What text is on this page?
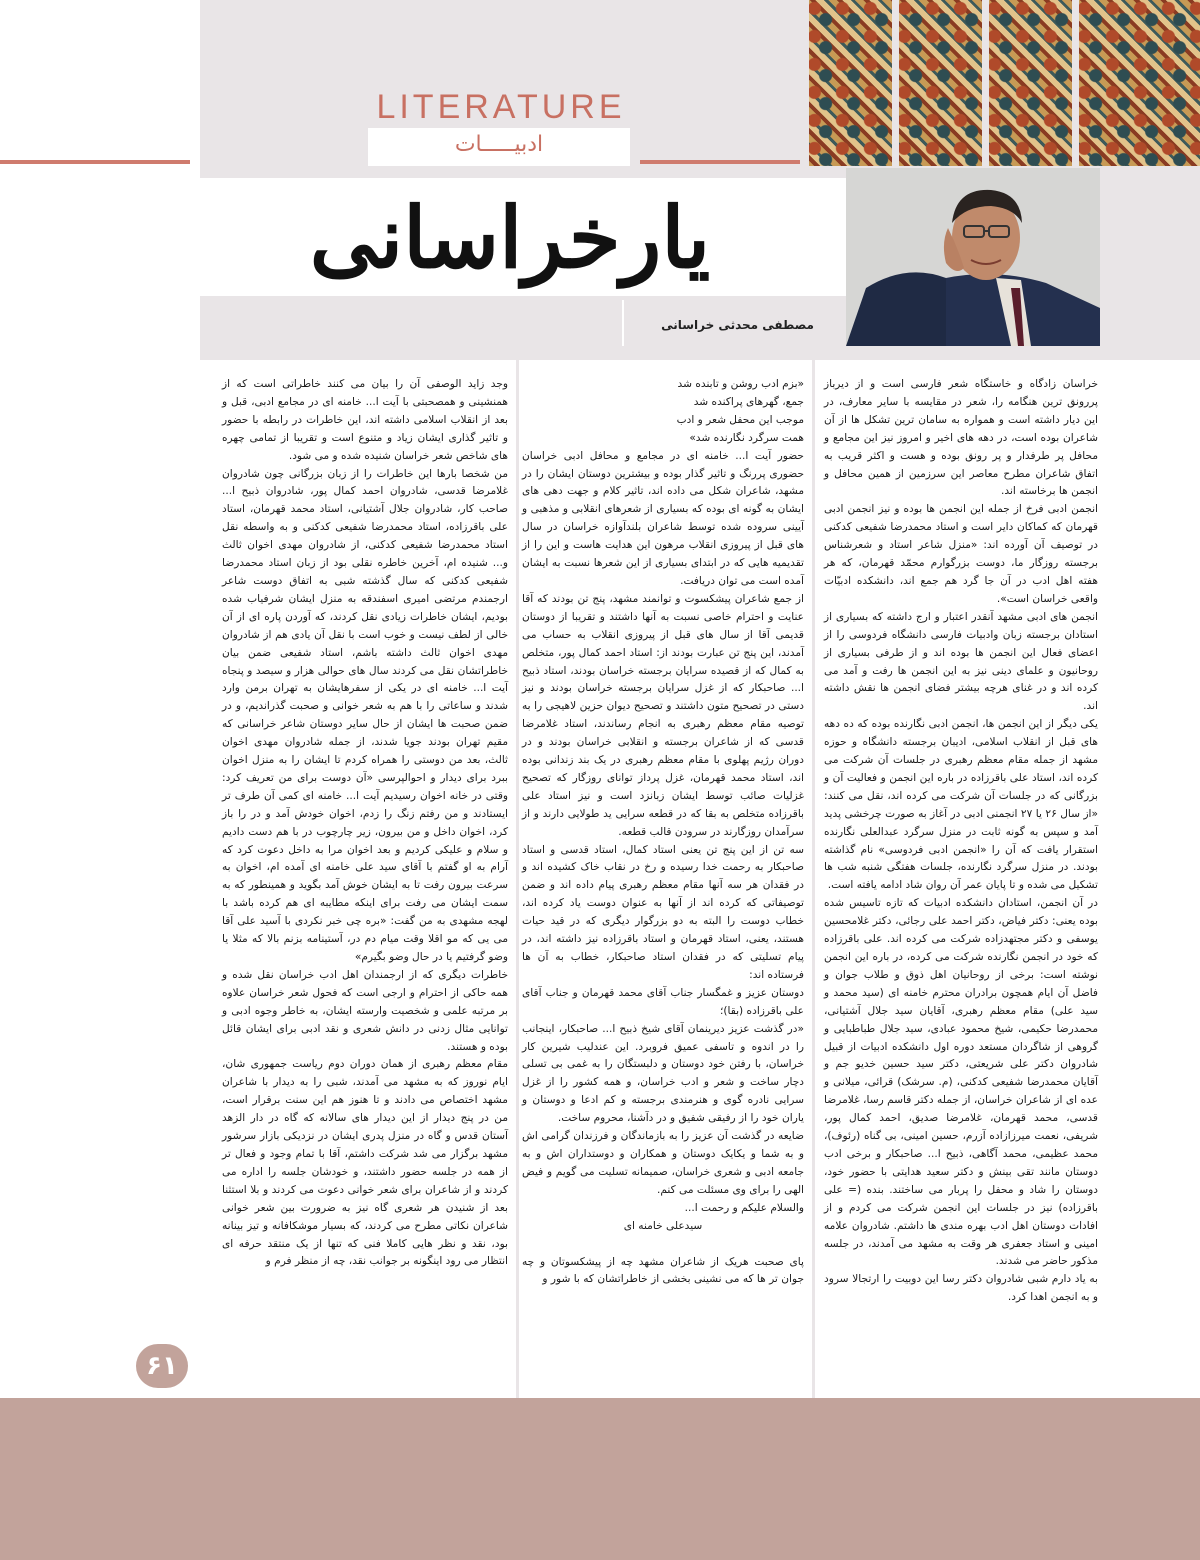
LITERATURE
ادبیـــــات
یارخراسانی
مصطفی محدثی خراسانی

خراسان زادگاه و خاستگاه شعر فارسی است و از دیرباز پررونق ترین هنگامه را، شعر در مقایسه با سایر معارف، در این دیار داشته است و همواره به سامان ترین تشکل ها از آن شاعران بوده است، در دهه های اخیر و امروز نیز این مجامع و محافل پر طرفدار و پر رونق بوده و هست و اکثر قریب به اتفاق شاعران مطرح معاصر این سرزمین از همین محافل و انجمن ها برخاسته اند.

انجمن ادبی فرخ از جمله این انجمن ها بوده و نیز انجمن ادبی قهرمان که کماکان دایر است و استاد محمدرضا شفیعی کدکنی در توصیف آن آورده اند: «منزل شاعر استاد و شعرشناس برجسته روزگار ما، دوست بزرگوارم محمّد قهرمان، که هر هفته اهل ادب در آن جا گرد هم جمع اند، دانشکده ادبیّات واقعی خراسان است».

انجمن های ادبی مشهد آنقدر اعتبار و ارج داشته که بسیاری از استادان برجسته زبان وادبیات فارسی دانشگاه فردوسی را از اعضای فعال این انجمن ها بوده اند و از طرفی بسیاری از روحانیون و علمای دینی نیز به این انجمن ها رفت و آمد می کرده اند و در غنای هرچه بیشتر فضای انجمن ها نقش داشته اند.

یکی دیگر از این انجمن ها، انجمن ادبی نگارنده بوده که ده دهه های قبل از انقلاب اسلامی، ادیبان برجسته دانشگاه و حوزه مشهد از جمله مقام معظم رهبری در جلسات آن شرکت می کرده اند، استاد علی باقرزاده در باره این انجمن و فعالیت آن و بزرگانی که در جلسات آن شرکت می کرده اند، نقل می کنند: «از سال ۲۶ یا ۲۷ انجمنی ادبی در آغاز به صورت چرخشی پدید آمد و سپس به گونه ثابت در منزل سرگرد عبدالعلی نگارنده استقرار یافت که آن را «انجمن ادبی فردوسی» نام گذاشته بودند. در منزل سرگرد نگارنده، جلسات هفتگی شنبه شب ها تشکیل می شده و تا پایان عمر آن روان شاد ادامه یافته است.

در آن انجمن، استادان دانشکده ادبیات که تازه تاسیس شده بوده یعنی: دکتر فیاض، دکتر احمد علی رجائی، دکتر غلامحسین یوسفی و دکتر مجتهدزاده شرکت می کرده اند. علی باقرزاده که خود در انجمن نگارنده شرکت می کرده، در باره این انجمن نوشته است: برخی از روحانیان اهل ذوق و طلاب جوان و فاضل آن ایام همچون برادران محترم خامنه ای (سید محمد و سید علی) مقام معظم رهبری، آقایان سید جلال آشتیانی، محمدرضا حکیمی، شیخ محمود عبادی، سید جلال طباطبایی و گروهی از شاگردان مستعد دوره اول دانشکده ادبیات از قبیل شادروان دکتر علی شریعتی، دکتر سید حسین خدیو جم و آقایان محمدرضا شفیعی کدکنی، (م. سرشک) قرائی، میلانی و عده ای از شاعران خراسان، از جمله دکتر قاسم رسا، غلامرضا قدسی، محمد قهرمان، غلامرضا صدیق، احمد کمال پور، شریفی، نعمت میرزازاده آزرم، حسین امینی، بی گناه (رئوف)، محمد عظیمی، محمد آگاهی، ذبیح ا... صاحبکار و برخی ادب دوستان مانند تقی بینش و دکتر سعید هدایتی با حضور خود، دوستان را شاد و محفل را پربار می ساختند. بنده (= علی باقرزاده) نیز در جلسات این انجمن شرکت می کردم و از افادات دوستان اهل ادب بهره مندی ها داشتم. شادروان علامه امینی و استاد جعفری هر وقت به مشهد می آمدند، در جلسه مذکور حاضر می شدند.

به یاد دارم شبی شادروان دکتر رسا این دوبیت را ارتجالا سرود و به انجمن اهدا کرد.

«بزم ادب روشن و تابنده شد

جمع، گهرهای پراکنده شد

موجب این محفل شعر و ادب

همت سرگرد نگارنده شد»

حضور آیت ا... خامنه ای در مجامع و محافل ادبی خراسان حضوری پررنگ و تاثیر گذار بوده و بیشترین دوستان ایشان را در مشهد، شاعران شکل می داده اند، تاثیر کلام و جهت دهی های ایشان به گونه ای بوده که بسیاری از شعرهای انقلابی و مذهبی و آیینی سروده شده توسط شاعران بلندآوازه خراسان در سال های قبل از پیروزی انقلاب مرهون این هدایت هاست و این را از تقدیمیه هایی که در ابتدای بسیاری از این شعرها نسبت به ایشان آمده است می توان دریافت.

از جمع شاعران پیشکسوت و توانمند مشهد، پنج تن بودند که آقا عنایت و احترام خاصی نسبت به آنها داشتند و تقریبا از دوستان قدیمی آقا از سال های قبل از پیروزی انقلاب به حساب می آمدند، این پنج تن عبارت بودند از: استاد احمد کمال پور، متخلص به کمال که از قصیده سرایان برجسته خراسان بودند، استاد ذبیح ا... صاحبکار که از غزل سرایان برجسته خراسان بودند و نیز دستی در تصحیح متون داشتند و تصحیح دیوان حزین لاهیجی را به توصیه مقام معظم رهبری به انجام رساندند، استاد غلامرضا قدسی که از شاعران برجسته و انقلابی خراسان بودند و در دوران رژیم پهلوی با مقام معظم رهبری در یک بند زندانی بوده اند، استاد محمد قهرمان، غزل پرداز توانای روزگار که تصحیح غزلیات صائب توسط ایشان زبانزد است و نیز استاد علی باقرزاده متخلص به بقا که در قطعه سرایی ید طولایی دارند و از سرآمدان روزگارند در سرودن قالب قطعه.

سه تن از این پنج تن یعنی استاد کمال، استاد قدسی و استاد صاحبکار به رحمت خدا رسیده و رخ در نقاب خاک کشیده اند و در فقدان هر سه آنها مقام معظم رهبری پیام داده اند و ضمن توصیفاتی که کرده اند از آنها به عنوان دوست یاد کرده اند، خطاب دوست را البته به دو بزرگوار دیگری که در قید حیات هستند، یعنی، استاد قهرمان و استاد باقرزاده نیز داشته اند، در پیام تسلیتی که در فقدان استاد صاحبکار، خطاب به آن ها فرستاده اند:

دوستان عزیز و غمگسار جناب آقای محمد قهرمان و جناب آقای علی باقرزاده (بقا)؛

«در گذشت عزیز دیرینمان آقای شیخ ذبیح ا... صاحبکار، اینجانب را در اندوه و تاسفی عمیق فروبرد. این عندلیب شیرین کار خراسان، با رفتن خود دوستان و دلبستگان را به غمی بی تسلی دچار ساخت و شعر و ادب خراسان، و همه کشور را از غزل سرایی نادره گوی و هنرمندی برجسته و کم ادعا و دوستان و یاران خود را از رفیقی شفیق و در دآشنا، محروم ساخت.

ضایعه در گذشت آن عزیز را به بازماندگان و فرزندان گرامی اش و به شما و یکایک دوستان و همکاران و دوستداران اش و به جامعه ادبی و شعری خراسان، صمیمانه تسلیت می گویم و فیض الهی را برای وی مسئلت می کنم.

والسلام علیکم و رحمت ا...

سیدعلی خامنه ای

پای صحبت هریک از شاعران مشهد چه از پیشکسوتان و چه جوان تر ها که می نشینی بخشی از خاطراتشان که با شور و

وجد زاید الوصفی آن را بیان می کنند خاطراتی است که از همنشینی و همصحبتی با آیت ا... خامنه ای در مجامع ادبی، قبل و بعد از انقلاب اسلامی داشته اند، این خاطرات در رابطه با حضور و تاثیر گذاری ایشان زیاد و متنوع است و تقریبا از تمامی چهره های شاخص شعر خراسان شنیده شده و می شود.

من شخصا بارها این خاطرات را از زبان بزرگانی چون شادروان غلامرضا قدسی، شادروان احمد کمال پور، شادروان ذبیح ا... صاحب کار، شادروان جلال آشتیانی، استاد محمد قهرمان، استاد علی باقرزاده، استاد محمدرضا شفیعی کدکنی و به واسطه نقل استاد محمدرضا شفیعی کدکنی، از شادروان مهدی اخوان ثالث و... شنیده ام، آخرین خاطره نقلی بود از زبان استاد محمدرضا شفیعی کدکنی که سال گذشته شبی به اتفاق دوست شاعر ارجمندم مرتضی امیری اسفندقه به منزل ایشان شرفیاب شده بودیم، ایشان خاطرات زیادی نقل کردند، که آوردن پاره ای از آن خالی از لطف نیست و خوب است با نقل آن یادی هم از شادروان مهدی اخوان ثالث داشته باشم، استاد شفیعی ضمن بیان خاطراتشان نقل می کردند سال های حوالی هزار و سیصد و پنجاه آیت ا... خامنه ای در یکی از سفرهایشان به تهران برمن وارد شدند و ساعاتی را با هم به شعر خوانی و صحبت گذراندیم، و در ضمن صحبت ها ایشان از حال سایر دوستان شاعر خراسانی که مقیم تهران بودند جویا شدند، از جمله شادروان مهدی اخوان ثالث، بعد من دوستی را همراه کردم تا ایشان را به منزل اخوان ببرد برای دیدار و احوالپرسی «آن دوست برای من تعریف کرد: وقتی در خانه اخوان رسیدیم آیت ا... خامنه ای کمی آن طرف تر ایستادند و من رفتم زنگ را زدم، اخوان خودش آمد و در را باز کرد، اخوان داخل و من بیرون، زیر چارچوب در با هم دست دادیم و سلام و علیکی کردیم و بعد اخوان مرا به داخل دعوت کرد که آرام به او گفتم با آقای سید علی خامنه ای آمده ام، اخوان به سرعت بیرون رفت تا به ایشان خوش آمد بگوید و همینطور که به سمت ایشان می رفت برای اینکه مطایبه ای هم کرده باشد با لهجه مشهدی به من گفت: «بره چی خبر نکردی با آسید علی آقا می یی که مو اقلا وقت میام دم در، آستینامه بزنم بالا که مثلا یا وضو گرفتیم یا در حال وضو بگیرم»

خاطرات دیگری که از ارجمندان اهل ادب خراسان نقل شده و همه حاکی از احترام و ارجی است که فحول شعر خراسان علاوه بر مرتبه علمی و شخصیت وارسته ایشان، به خاطر وجوه ادبی و توانایی مثال زدنی در دانش شعری و نقد ادبی برای ایشان قائل بوده و هستند.

مقام معظم رهبری از همان دوران دوم ریاست جمهوری شان، ایام نوروز که به مشهد می آمدند، شبی را به دیدار با شاعران مشهد اختصاص می دادند و تا هنوز هم این سنت برقرار است، من در پنج دیدار از این دیدار های سالانه که گاه در دار الزهد آستان قدس و گاه در منزل پدری ایشان در نزدیکی بازار سرشور مشهد برگزار می شد شرکت داشتم، آقا با تمام وجود و فعال تر از همه در جلسه حضور داشتند، و خودشان جلسه را اداره می کردند و از شاعران برای شعر خوانی دعوت می کردند و بلا استثنا بعد از شنیدن هر شعری گاه نیز به ضرورت بین شعر خوانی شاعران نکاتی مطرح می کردند، که بسیار موشکافانه و تیز بینانه بود، نقد و نظر هایی کاملا فنی که تنها از یک منتقد حرفه ای انتظار می رود اینگونه بر جوانب نقد، چه از منظر فرم و

۶۱
